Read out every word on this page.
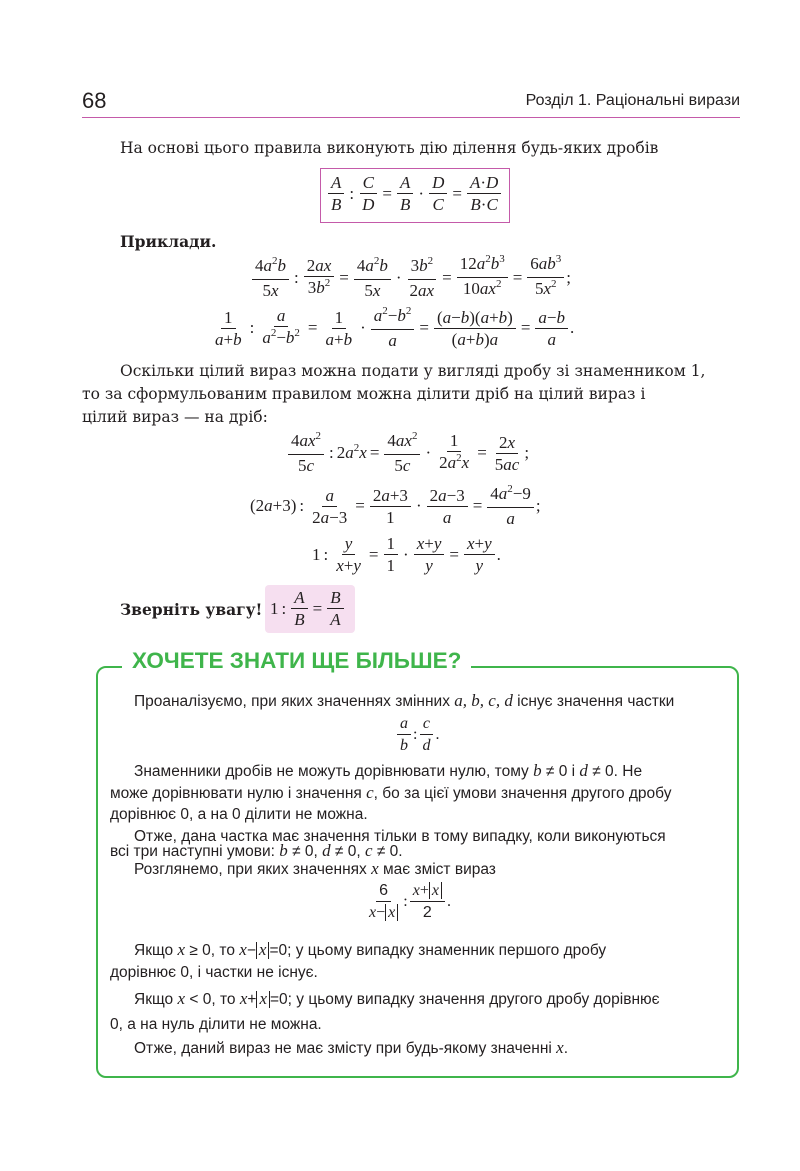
68	Розділ 1. Раціональні вирази
На основі цього правила виконують дію ділення будь-яких дробів
A
B
: $\frac{C}{D} = \frac{A}{B} \cdot \frac{D}{C} = \frac{A\cdot D}{B\cdot C}$
Приклади.
$4a^2b$
5x
: $\frac{2ax}{3b^2} = \frac{4a^2b}{5x} \cdot \frac{3b^2}{2ax} = \frac{12a^2b^3}{10ax^2} = \frac{6ab^3}{5x^2}$ ;
1
a+b
: $\frac{a}{a^2-b^2} = \frac{1}{a+b} \cdot \frac{a^2-b^2}{a} = \frac{(a-b)(a+b)}{(a+b)a} = \frac{a-b}{a}$ .
Оскільки цілий вираз можна подати у вигляді дробу зі знаменником 1,
то за сформульованим правилом можна ділити дріб на цілий вираз і
цілий вираз — на дріб:
$4ax^2$
5c
: $2a^2x = \frac{4ax^2}{5c} \cdot \frac{1}{2a^2x} = \frac{2x}{5ac}$ ;
(2a+3) : $\frac{a}{2a-3} = \frac{2a+3}{1} \cdot \frac{2a-3}{a} = \frac{4a^2-9}{a}$ ;
1 : $\frac{y}{x+y} = \frac{1}{1} \cdot \frac{x+y}{y} = \frac{x+y}{y}$ .
Зверніть увагу! 1 : $\frac{A}{B} = \frac{B}{A}$
ХОЧЕТЕ ЗНАТИ ЩЕ БІЛЬШЕ?
Проаналізуємо, при яких значеннях змінних a, b, c, d існує значення частки
a
b
:
c
d
.
Знаменники дробів не можуть дорівнювати нулю, тому b ≠ 0 і d ≠ 0. Не
може дорівнювати нулю і значення c, бо за цієї умови значення другого дробу
дорівнює 0, а на 0 ділити не можна.
Отже, дана частка має значення тільки в тому випадку, коли виконуються
всі три наступні умови: b ≠ 0, d ≠ 0, c ≠ 0.
Розглянемо, при яких значеннях x має зміст вираз
6
x− x
:
x+ x
2
.
Якщо x ≥ 0, то x− x =0; у цьому випадку знаменник першого дробу
дорівнює 0, і частки не існує.
Якщо x < 0, то x+ x =0; у цьому випадку значення другого дробу дорівнює
0, а на нуль ділити не можна.
Отже, даний вираз не має змісту при будь-якому значенні x.
